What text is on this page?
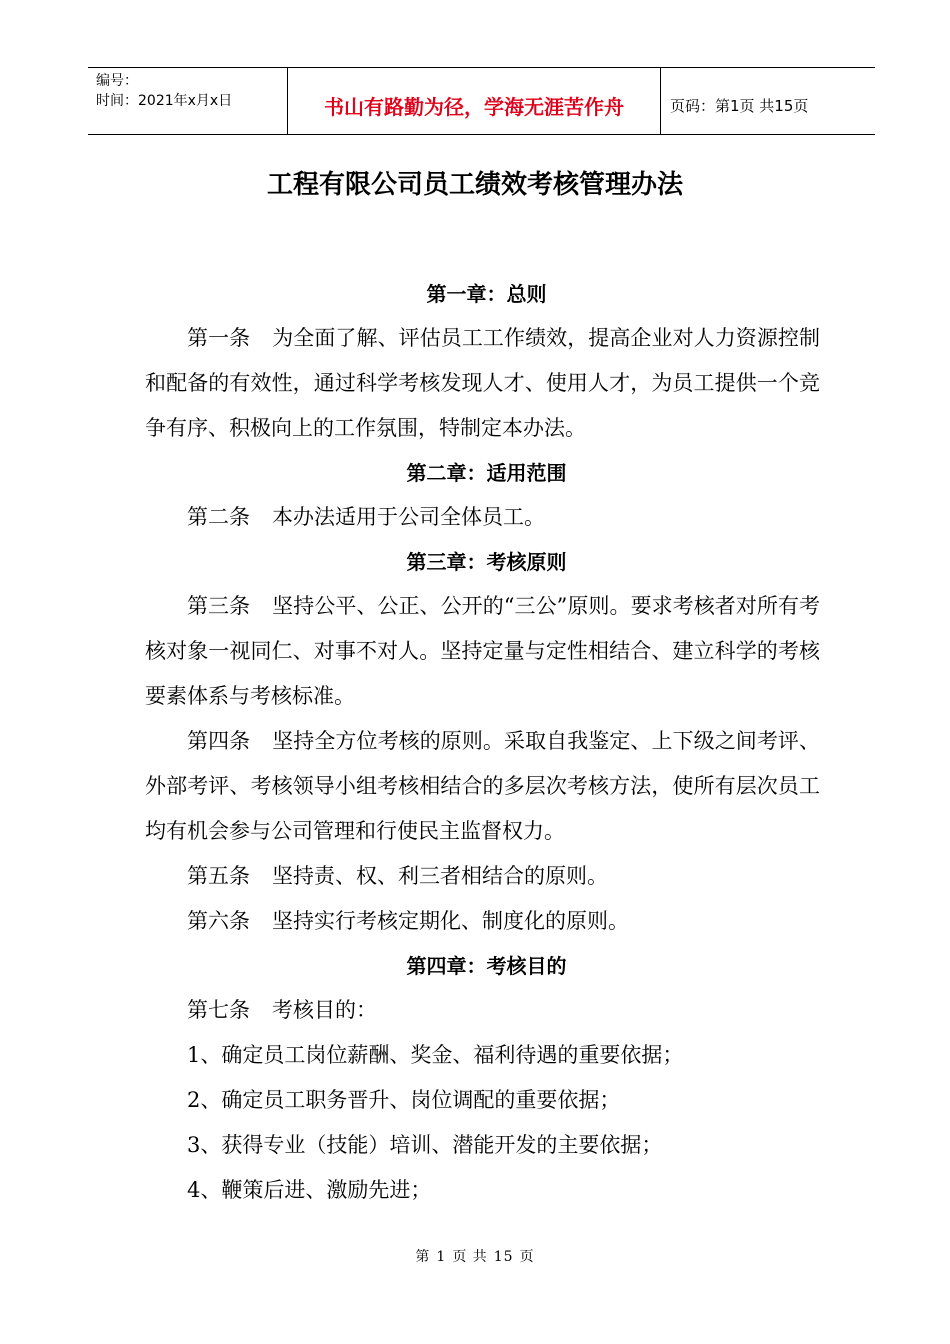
编号：
时间：2021年x月x日	书山有路勤为径，学海无涯苦作舟	页码：第1页 共15页
工程有限公司员工绩效考核管理办法

第一章：总则

第一条 为全面了解、评估员工工作绩效，提高企业对人力资源控制和配备的有效性，通过科学考核发现人才、使用人才，为员工提供一个竞争有序、积极向上的工作氛围，特制定本办法。

第二章：适用范围

第二条 本办法适用于公司全体员工。

第三章：考核原则

第三条 坚持公平、公正、公开的“三公”原则。要求考核者对所有考核对象一视同仁、对事不对人。坚持定量与定性相结合、建立科学的考核要素体系与考核标准。

第四条 坚持全方位考核的原则。采取自我鉴定、上下级之间考评、外部考评、考核领导小组考核相结合的多层次考核方法，使所有层次员工均有机会参与公司管理和行使民主监督权力。

第五条 坚持责、权、利三者相结合的原则。

第六条 坚持实行考核定期化、制度化的原则。

第四章：考核目的

第七条 考核目的：

1、确定员工岗位薪酬、奖金、福利待遇的重要依据；

2、确定员工职务晋升、岗位调配的重要依据；

3、获得专业（技能）培训、潜能开发的主要依据；

4、鞭策后进、激励先进；

第 1 页 共 15 页
